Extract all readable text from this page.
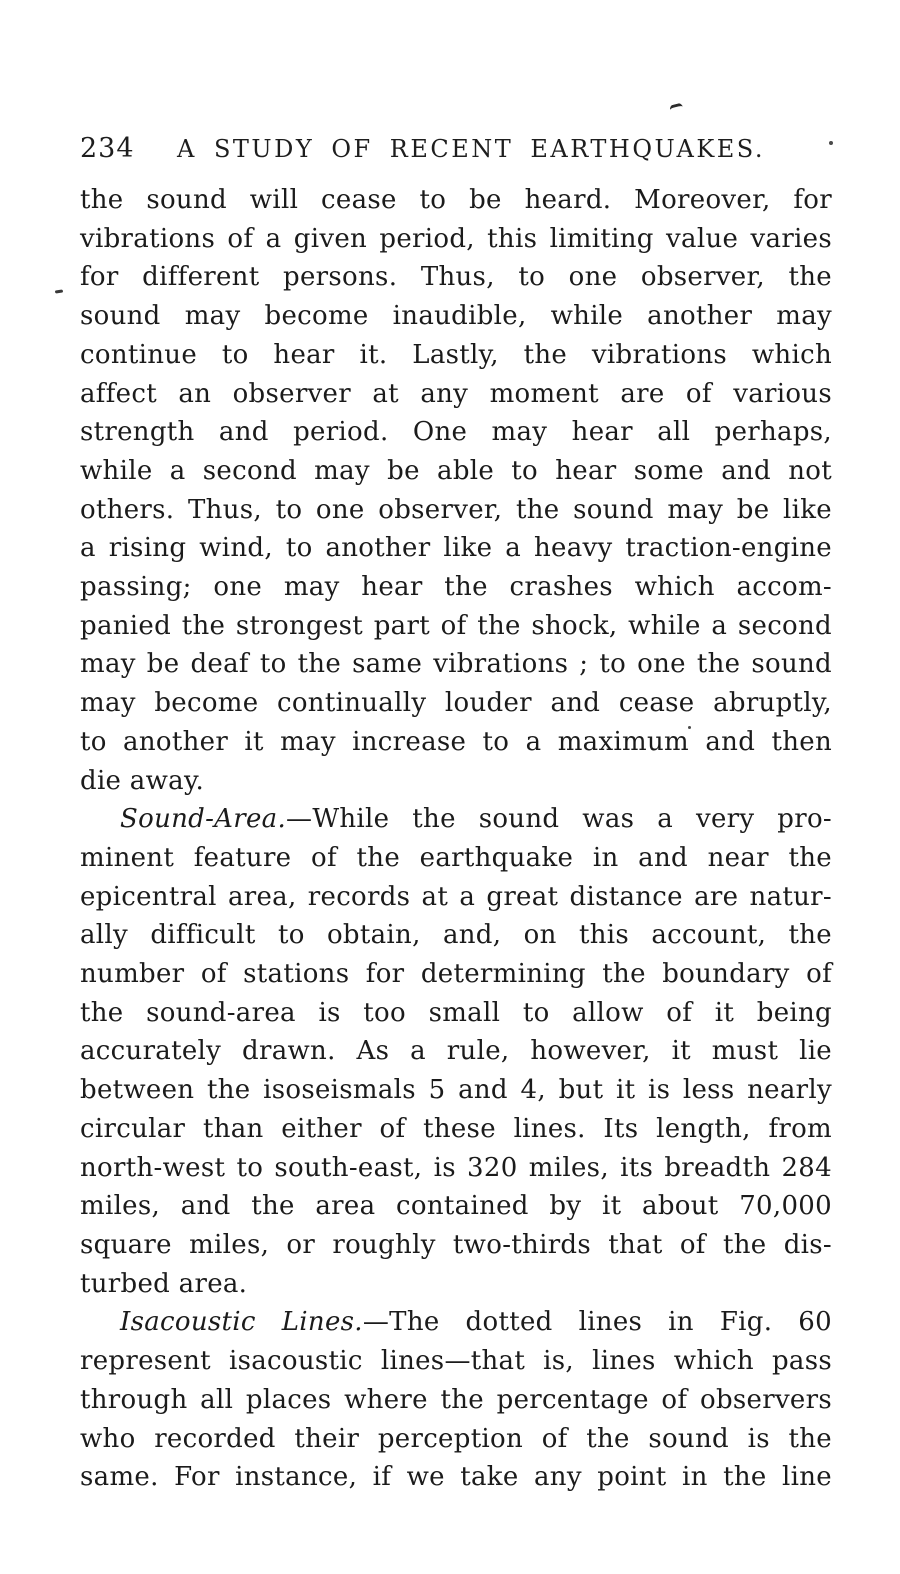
234	A STUDY OF RECENT EARTHQUAKES.
the sound will cease to be heard. Moreover, for
vibrations of a given period, this limiting value varies
for different persons. Thus, to one observer, the
sound may become inaudible, while another may
continue to hear it. Lastly, the vibrations which
affect an observer at any moment are of various
strength and period. One may hear all perhaps,
while a second may be able to hear some and not
others. Thus, to one observer, the sound may be like
a rising wind, to another like a heavy traction-engine
passing; one may hear the crashes which accom-
panied the strongest part of the shock, while a second
may be deaf to the same vibrations ; to one the sound
may become continually louder and cease abruptly,
to another it may increase to a maximum and then
die away.
Sound-Area.—While the sound was a very pro-
minent feature of the earthquake in and near the
epicentral area, records at a great distance are natur-
ally difficult to obtain, and, on this account, the
number of stations for determining the boundary of
the sound-area is too small to allow of it being
accurately drawn. As a rule, however, it must lie
between the isoseismals 5 and 4, but it is less nearly
circular than either of these lines. Its length, from
north-west to south-east, is 320 miles, its breadth 284
miles, and the area contained by it about 70,000
square miles, or roughly two-thirds that of the dis-
turbed area.
Isacoustic Lines.—The dotted lines in Fig. 60
represent isacoustic lines—that is, lines which pass
through all places where the percentage of observers
who recorded their perception of the sound is the
same. For instance, if we take any point in the line
